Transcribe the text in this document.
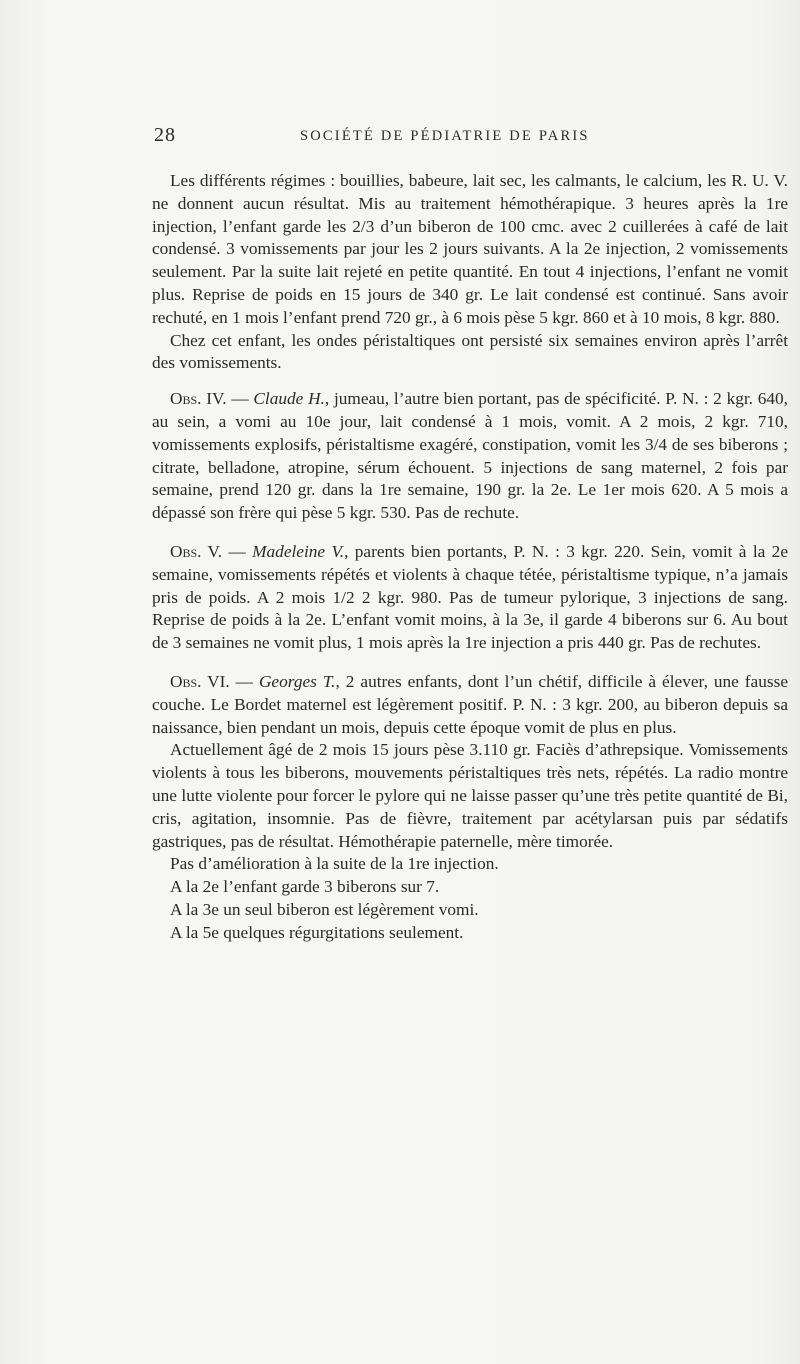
28	SOCIÉTÉ DE PÉDIATRIE DE PARIS

Les différents régimes : bouillies, babeure, lait sec, les calmants, le calcium, les R. U. V. ne donnent aucun résultat. Mis au traitement hémothérapique. 3 heures après la 1re injection, l’enfant garde les 2/3 d’un biberon de 100 cmc. avec 2 cuillerées à café de lait condensé. 3 vomissements par jour les 2 jours suivants. A la 2e injection, 2 vomissements seulement. Par la suite lait rejeté en petite quantité. En tout 4 injections, l’enfant ne vomit plus. Reprise de poids en 15 jours de 340 gr. Le lait condensé est continué. Sans avoir rechuté, en 1 mois l’enfant prend 720 gr., à 6 mois pèse 5 kgr. 860 et à 10 mois, 8 kgr. 880.

Chez cet enfant, les ondes péristaltiques ont persisté six semaines environ après l’arrêt des vomissements.

Obs. IV. — Claude H., jumeau, l’autre bien portant, pas de spécificité. P. N. : 2 kgr. 640, au sein, a vomi au 10e jour, lait condensé à 1 mois, vomit. A 2 mois, 2 kgr. 710, vomissements explosifs, péristaltisme exagéré, constipation, vomit les 3/4 de ses biberons ; citrate, belladone, atropine, sérum échouent. 5 injections de sang maternel, 2 fois par semaine, prend 120 gr. dans la 1re semaine, 190 gr. la 2e. Le 1er mois 620. A 5 mois a dépassé son frère qui pèse 5 kgr. 530. Pas de rechute.

Obs. V. — Madeleine V., parents bien portants, P. N. : 3 kgr. 220. Sein, vomit à la 2e semaine, vomissements répétés et violents à chaque tétée, péristaltisme typique, n’a jamais pris de poids. A 2 mois 1/2 2 kgr. 980. Pas de tumeur pylorique, 3 injections de sang. Reprise de poids à la 2e. L’enfant vomit moins, à la 3e, il garde 4 biberons sur 6. Au bout de 3 semaines ne vomit plus, 1 mois après la 1re injection a pris 440 gr. Pas de rechutes.

Obs. VI. — Georges T., 2 autres enfants, dont l’un chétif, difficile à élever, une fausse couche. Le Bordet maternel est légèrement positif. P. N. : 3 kgr. 200, au biberon depuis sa naissance, bien pendant un mois, depuis cette époque vomit de plus en plus.

Actuellement âgé de 2 mois 15 jours pèse 3.110 gr. Faciès d’athrepsique. Vomissements violents à tous les biberons, mouvements péristaltiques très nets, répétés. La radio montre une lutte violente pour forcer le pylore qui ne laisse passer qu’une très petite quantité de Bi, cris, agitation, insomnie. Pas de fièvre, traitement par acétylarsan puis par sédatifs gastriques, pas de résultat. Hémothérapie paternelle, mère timorée.

Pas d’amélioration à la suite de la 1re injection.

A la 2e l’enfant garde 3 biberons sur 7.

A la 3e un seul biberon est légèrement vomi.

A la 5e quelques régurgitations seulement.
